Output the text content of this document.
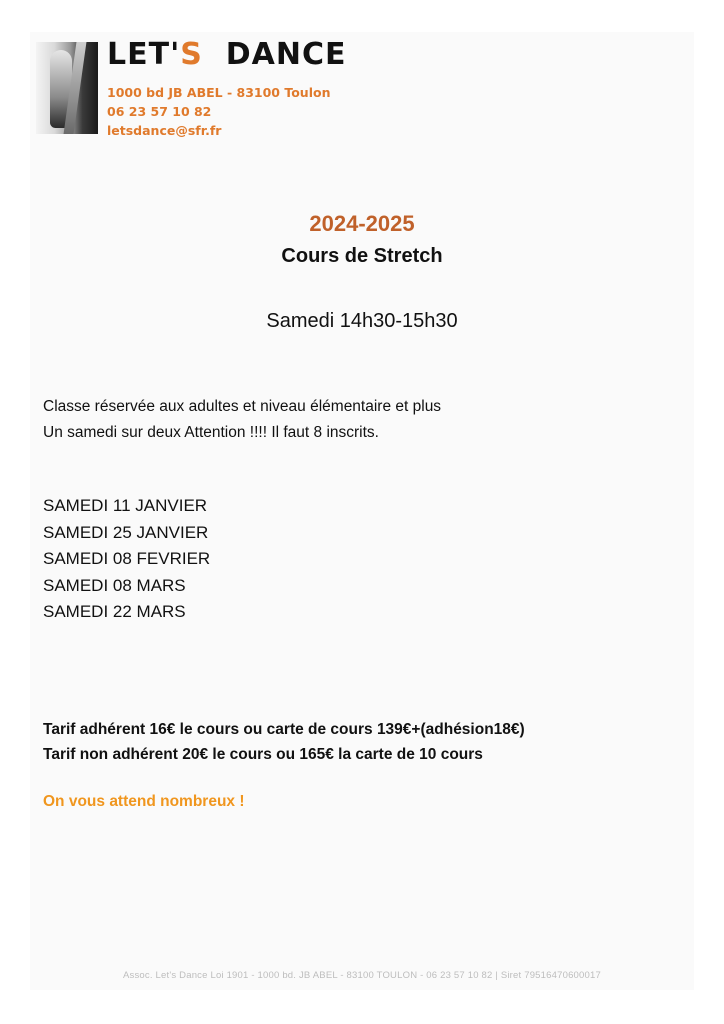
LET'S  DANCE
1000 bd JB ABEL - 83100 Toulon
06 23 57 10 82
letsdance@sfr.fr
2024-2025
Cours de Stretch
Samedi 14h30-15h30
Classe réservée aux adultes et niveau élémentaire et plus
Un samedi sur deux Attention !!!! Il faut 8 inscrits.
SAMEDI 11 JANVIER
SAMEDI 25 JANVIER
SAMEDI 08 FEVRIER
SAMEDI 08 MARS
SAMEDI 22 MARS
Tarif adhérent 16€ le cours ou carte de cours 139€+(adhésion18€)
Tarif non adhérent 20€ le cours ou 165€ la carte de 10 cours
On vous attend nombreux !
Assoc. Let's Dance Loi 1901 - 1000 bd. JB ABEL - 83100 TOULON - 06 23 57 10 82 | Siret 79516470600017
